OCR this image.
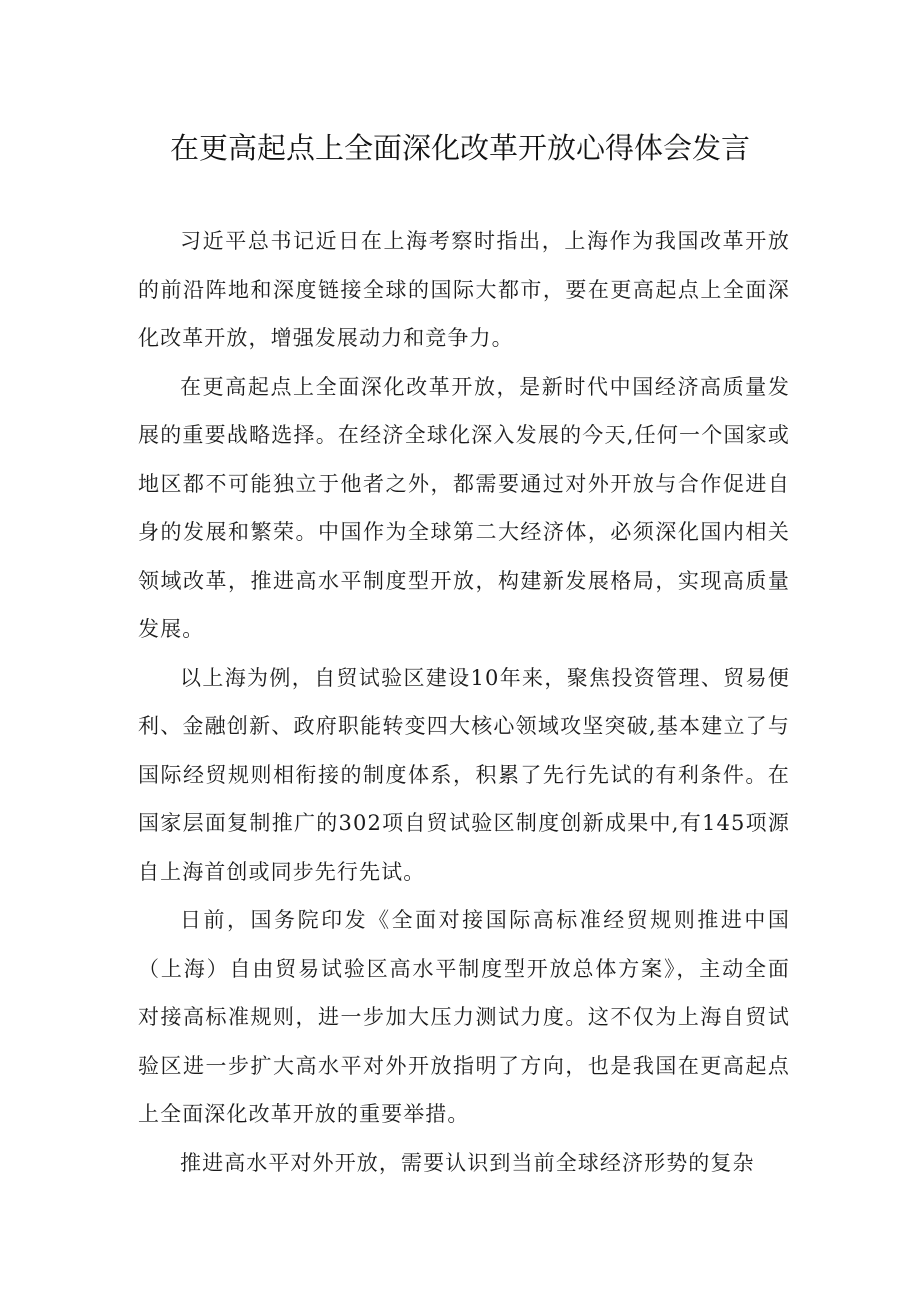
在更高起点上全面深化改革开放心得体会发言

习近平总书记近日在上海考察时指出，上海作为我国改革开放的前沿阵地和深度链接全球的国际大都市，要在更高起点上全面深化改革开放，增强发展动力和竞争力。

在更高起点上全面深化改革开放，是新时代中国经济高质量发展的重要战略选择。在经济全球化深入发展的今天,任何一个国家或地区都不可能独立于他者之外，都需要通过对外开放与合作促进自身的发展和繁荣。中国作为全球第二大经济体，必须深化国内相关领域改革，推进高水平制度型开放，构建新发展格局，实现高质量发展。

以上海为例，自贸试验区建设10年来，聚焦投资管理、贸易便利、金融创新、政府职能转变四大核心领域攻坚突破,基本建立了与国际经贸规则相衔接的制度体系，积累了先行先试的有利条件。在国家层面复制推广的302项自贸试验区制度创新成果中,有145项源自上海首创或同步先行先试。

日前，国务院印发《全面对接国际高标准经贸规则推进中国（上海）自由贸易试验区高水平制度型开放总体方案》，主动全面对接高标准规则，进一步加大压力测试力度。这不仅为上海自贸试验区进一步扩大高水平对外开放指明了方向，也是我国在更高起点上全面深化改革开放的重要举措。

推进高水平对外开放，需要认识到当前全球经济形势的复杂
